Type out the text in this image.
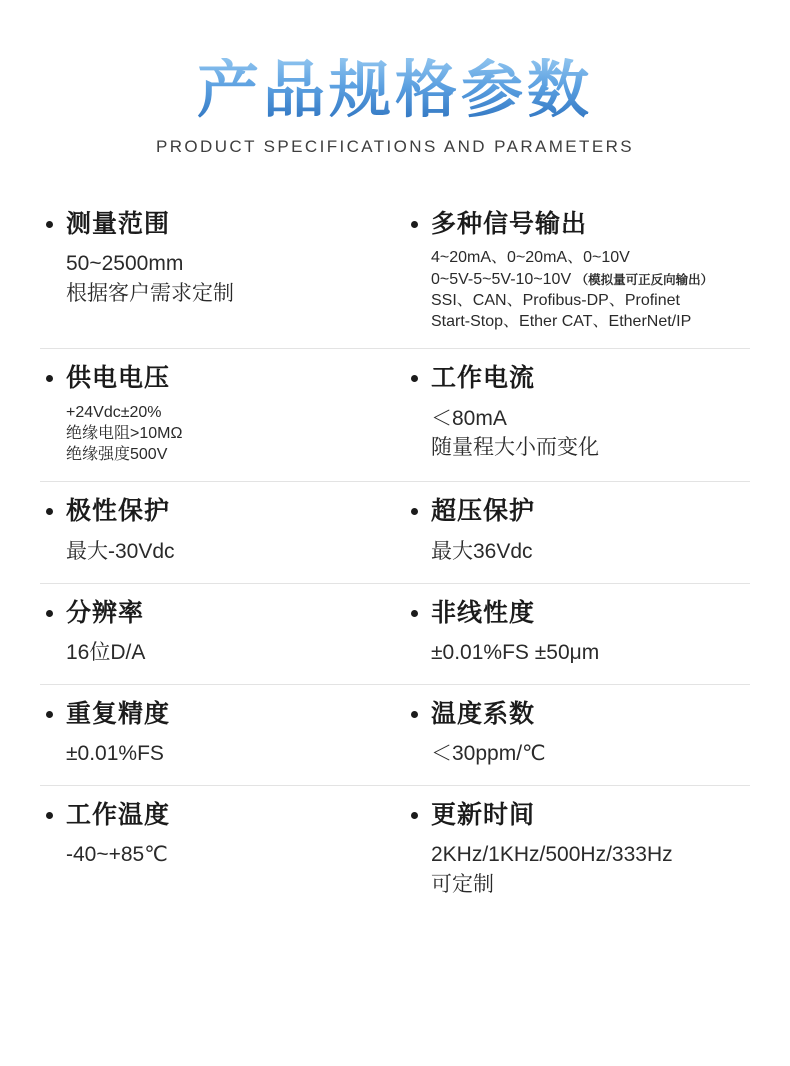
产品规格参数
PRODUCT SPECIFICATIONS AND PARAMETERS
测量范围
50~2500mm
根据客户需求定制
多种信号输出
4~20mA、0~20mA、0~10V
0~5V-5~5V-10~10V （模拟量可正反向输出）
SSI、CAN、Profibus-DP、Profinet
Start-Stop、Ether CAT、EtherNet/IP
供电电压
+24Vdc±20%
绝缘电阻>10MΩ
绝缘强度500V
工作电流
＜80mA
随量程大小而变化
极性保护
最大-30Vdc
超压保护
最大36Vdc
分辨率
16位D/A
非线性度
±0.01%FS ±50μm
重复精度
±0.01%FS
温度系数
＜30ppm/℃
工作温度
-40~+85℃
更新时间
2KHz/1KHz/500Hz/333Hz
可定制
